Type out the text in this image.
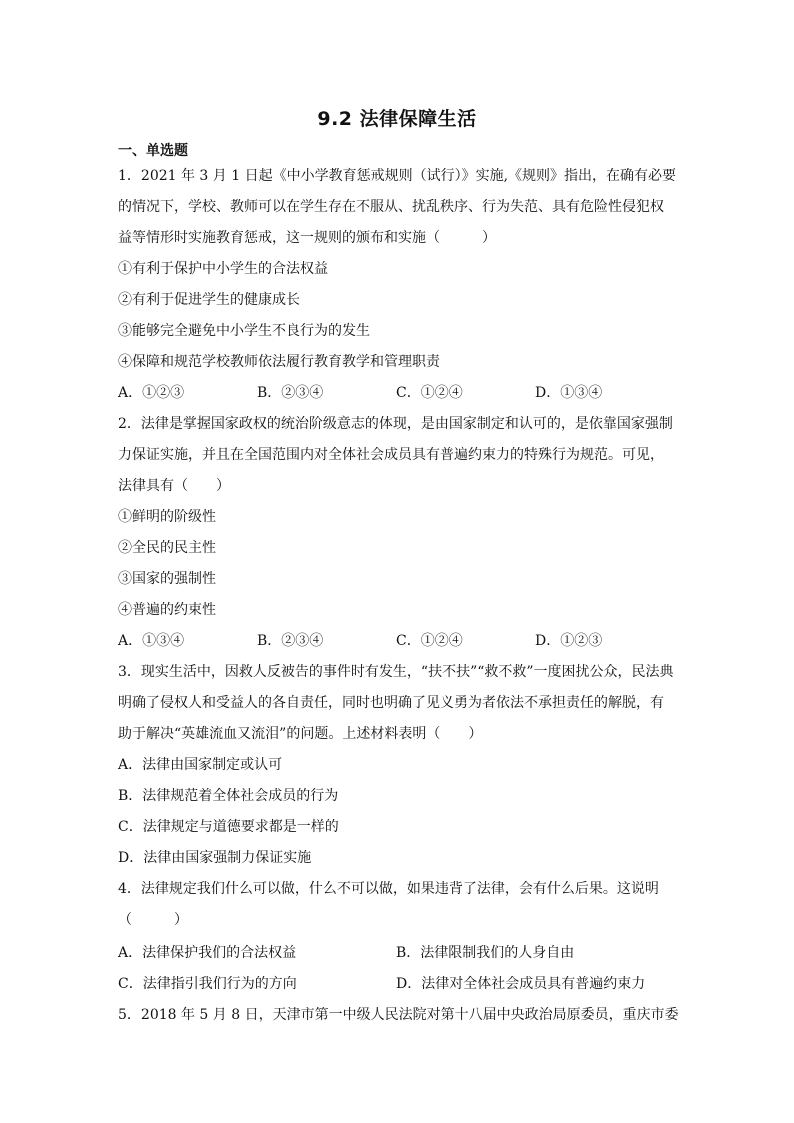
9.2 法律保障生活
一、单选题
1．2021 年 3 月 1 日起《中小学教育惩戒规则（试行）》实施,《规则》指出，在确有必要
的情况下，学校、教师可以在学生存在不服从、扰乱秩序、行为失范、具有危险性侵犯权
益等情形时实施教育惩戒，这一规则的颁布和实施（　　　）
①有利于保护中小学生的合法权益
②有利于促进学生的健康成长
③能够完全避免中小学生不良行为的发生
④保障和规范学校教师依法履行教育教学和管理职责
A．①②③	B．②③④	C．①②④	D．①③④
2．法律是掌握国家政权的统治阶级意志的体现，是由国家制定和认可的，是依靠国家强制
力保证实施，并且在全国范围内对全体社会成员具有普遍约束力的特殊行为规范。可见，
法律具有（　　）
①鲜明的阶级性
②全民的民主性
③国家的强制性
④普遍的约束性
A．①③④	B．②③④	C．①②④	D．①②③
3．现实生活中，因救人反被告的事件时有发生，“扶不扶”“救不救”一度困扰公众，民法典
明确了侵权人和受益人的各自责任，同时也明确了见义勇为者依法不承担责任的解脱，有
助于解决“英雄流血又流泪”的问题。上述材料表明（　　）
A．法律由国家制定或认可
B．法律规范着全体社会成员的行为
C．法律规定与道德要求都是一样的
D．法律由国家强制力保证实施
4．法律规定我们什么可以做，什么不可以做，如果违背了法律，会有什么后果。这说明
（　　　）
A．法律保护我们的合法权益	B．法律限制我们的人身自由
C．法律指引我们行为的方向	D．法律对全体社会成员具有普遍约束力
5．2018 年 5 月 8 日，天津市第一中级人民法院对第十八届中央政治局原委员，重庆市委
